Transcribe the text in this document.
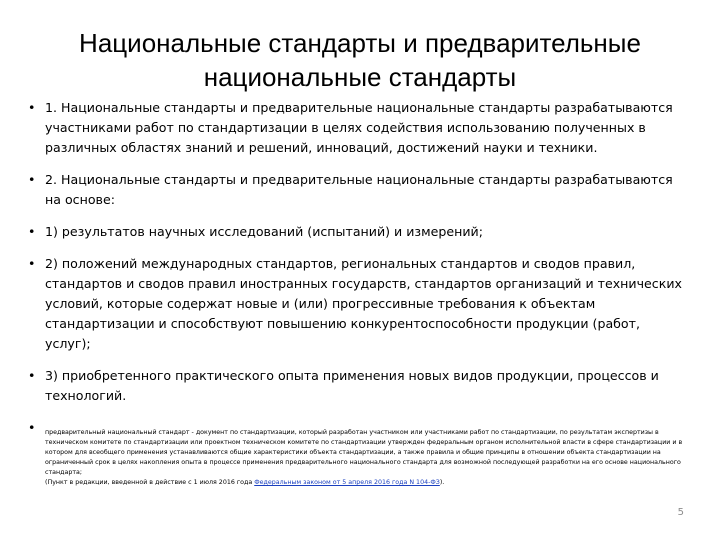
Национальные стандарты и предварительные
национальные стандарты
• 1. Национальные стандарты и предварительные национальные стандарты разрабатываются участниками работ по стандартизации в целях содействия использованию полученных в различных областях знаний и решений, инноваций, достижений науки и техники.
• 2. Национальные стандарты и предварительные национальные стандарты разрабатываются на основе:
• 1) результатов научных исследований (испытаний) и измерений;
• 2) положений международных стандартов, региональных стандартов и сводов правил, стандартов и сводов правил иностранных государств, стандартов организаций и технических условий, которые содержат новые и (или) прогрессивные требования к объектам стандартизации и способствуют повышению конкурентоспособности продукции (работ, услуг);
• 3) приобретенного практического опыта применения новых видов продукции, процессов и технологий.
• предварительный национальный стандарт - документ по стандартизации, который разработан участником или участниками работ по стандартизации, по результатам экспертизы в техническом комитете по стандартизации или проектном техническом комитете по стандартизации утвержден федеральным органом исполнительной власти в сфере стандартизации и в котором для всеобщего применения устанавливаются общие характеристики объекта стандартизации, а также правила и общие принципы в отношении объекта стандартизации на ограниченный срок в целях накопления опыта в процессе применения предварительного национального стандарта для возможной последующей разработки на его основе национального стандарта;
(Пункт в редакции, введенной в действие с 1 июля 2016 года Федеральным законом от 5 апреля 2016 года N 104-ФЗ).
5
